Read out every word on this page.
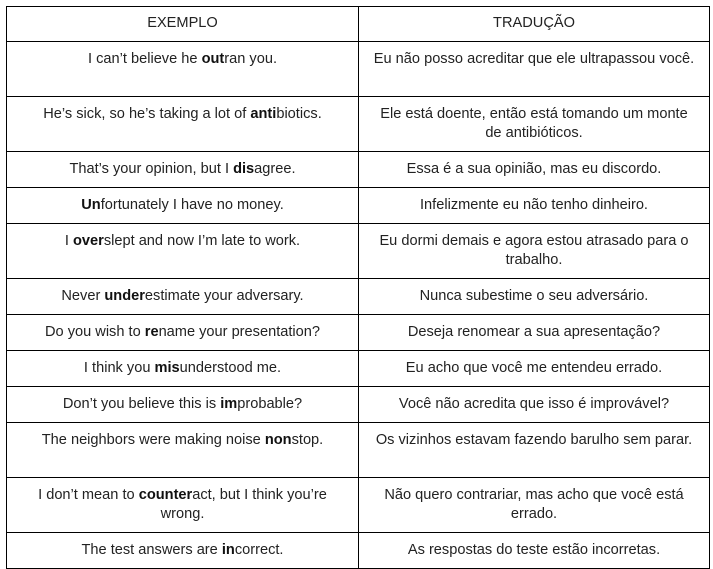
EXEMPLO	TRADUÇÃO
I can’t believe he outran you.	Eu não posso acreditar que ele ultrapassou você.
He’s sick, so he’s taking a lot of antibiotics.	Ele está doente, então está tomando um monte de antibióticos.
That’s your opinion, but I disagree.	Essa é a sua opinião, mas eu discordo.
Unfortunately I have no money.	Infelizmente eu não tenho dinheiro.
I overslept and now I’m late to work.	Eu dormi demais e agora estou atrasado para o trabalho.
Never underestimate your adversary.	Nunca subestime o seu adversário.
Do you wish to rename your presentation?	Deseja renomear a sua apresentação?
I think you misunderstood me.	Eu acho que você me entendeu errado.
Don’t you believe this is improbable?	Você não acredita que isso é improvável?
The neighbors were making noise nonstop.	Os vizinhos estavam fazendo barulho sem parar.
I don’t mean to counteract, but I think you’re wrong.	Não quero contrariar, mas acho que você está errado.
The test answers are incorrect.	As respostas do teste estão incorretas.
